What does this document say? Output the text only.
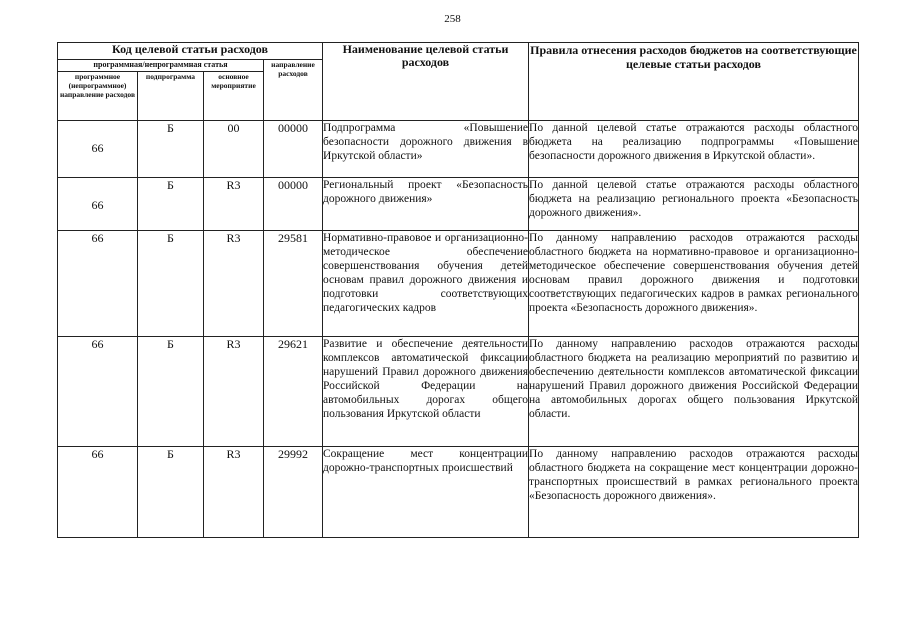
258
Код целевой статьи расходов				Наименование целевой статьи расходов	Правила отнесения расходов бюджетов на соответствующие целевые статьи расходов
программная/непрограммная статья			направление расходов		
программное (непрограммное) направление расходов	подпрограмма	основное мероприятие			
66	Б	00	00000	Подпрограмма «Повышение безопасности дорожного движения в Иркутской области»	По данной целевой статье отражаются расходы областного бюджета на реализацию подпрограммы «Повышение безопасности дорожного движения в Иркутской области».
66	Б	R3	00000	Региональный проект «Безопасность дорожного движения»	По данной целевой статье отражаются расходы областного бюджета на реализацию регионального проекта «Безопасность дорожного движения».
66	Б	R3	29581	Нормативно-правовое и организационно-методическое обеспечение совершенствования обучения детей основам правил дорожного движения и подготовки соответствующих педагогических кадров	По данному направлению расходов отражаются расходы областного бюджета на нормативно-правовое и организационно-методическое обеспечение совершенствования обучения детей основам правил дорожного движения и подготовки соответствующих педагогических кадров в рамках регионального проекта «Безопасность дорожного движения».
66	Б	R3	29621	Развитие и обеспечение деятельности комплексов автоматической фиксации нарушений Правил дорожного движения Российской Федерации на автомобильных дорогах общего пользования Иркутской области	По данному направлению расходов отражаются расходы областного бюджета на реализацию мероприятий по развитию и обеспечению деятельности комплексов автоматической фиксации нарушений Правил дорожного движения Российской Федерации на автомобильных дорогах общего пользования Иркутской области.
66	Б	R3	29992	Сокращение мест концентрации дорожно-транспортных происшествий	По данному направлению расходов отражаются расходы областного бюджета на сокращение мест концентрации дорожно-транспортных происшествий в рамках регионального проекта «Безопасность дорожного движения».
